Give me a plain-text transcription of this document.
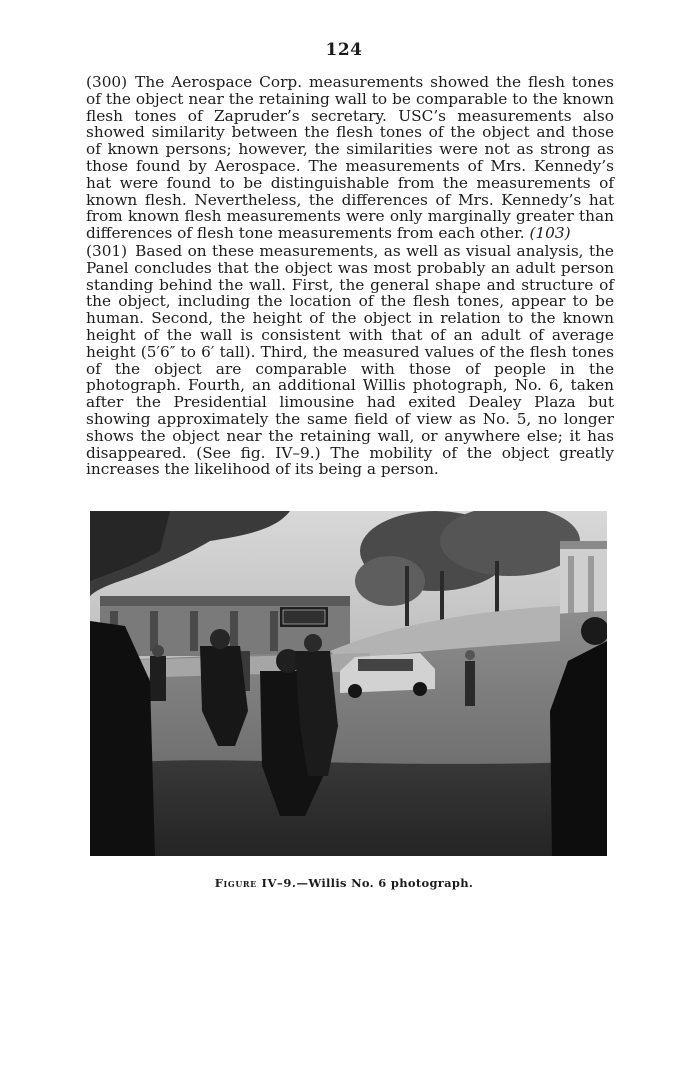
124

(300) The Aerospace Corp. measurements showed the flesh tones of the object near the retaining wall to be comparable to the known flesh tones of Zapruder’s secretary. USC’s measurements also showed similarity between the flesh tones of the object and those of known persons; however, the similarities were not as strong as those found by Aerospace. The measurements of Mrs. Kennedy’s hat were found to be distinguishable from the measurements of known flesh. Nevertheless, the differences of Mrs. Kennedy’s hat from known flesh measurements were only marginally greater than differences of flesh tone measurements from each other. (103)

(301) Based on these measurements, as well as visual analysis, the Panel concludes that the object was most probably an adult person standing behind the wall. First, the general shape and structure of the object, including the location of the flesh tones, appear to be human. Second, the height of the object in relation to the known height of the wall is consistent with that of an adult of average height (5′6″ to 6′ tall). Third, the measured values of the flesh tones of the object are comparable with those of people in the photograph. Fourth, an additional Willis photograph, No. 6, taken after the Presidential limousine had exited Dealey Plaza but showing approximately the same field of view as No. 5, no longer shows the object near the retaining wall, or anywhere else; it has disappeared. (See fig. IV–9.) The mobility of the object greatly increases the likelihood of its being a person.

Figure IV–9.—Willis No. 6 photograph.
